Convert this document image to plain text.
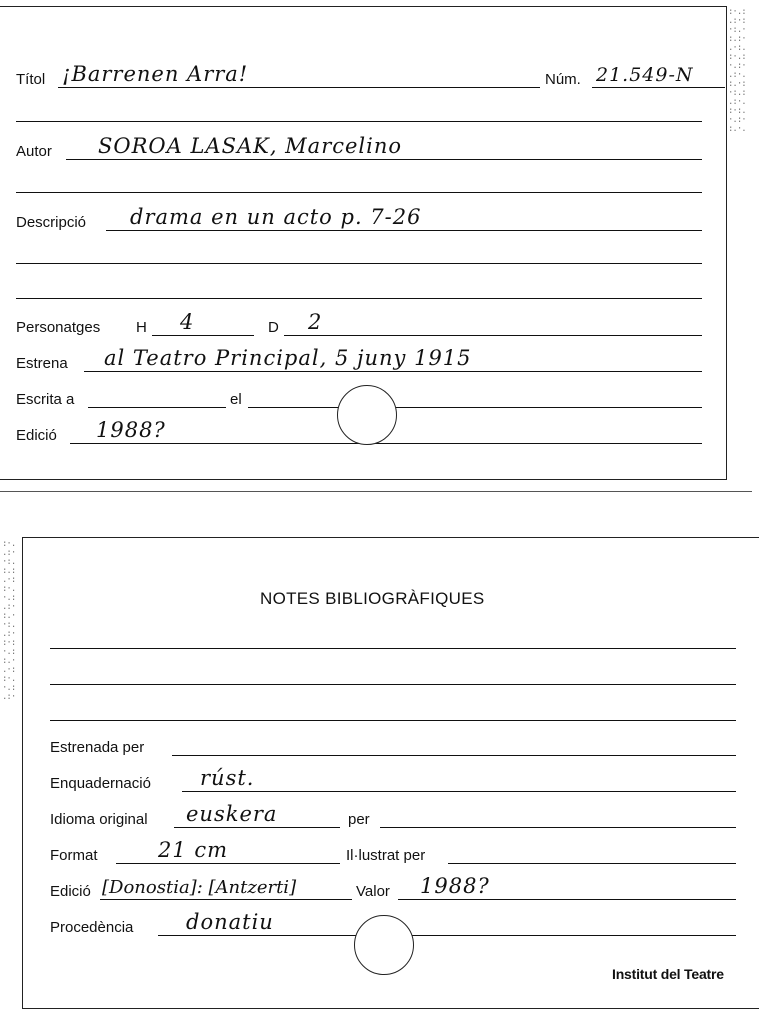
:·.:
.:·:
·:.·
:.:·
.·:.
:·.:
·.:·
.:·.
:.·:
·:.:
.:·.
:·:.
·.:·
:.·.
:·.
.:·
·:.
:.:
.·:
:·.
·.:
.:·
:.·
·:.
.:·
:·:
·.:
:.·
.·:
:·.
·.:
.:·
Títol ¡Barrenen Arra!	Núm. 21.549-N
Autor SOROA LASAK, Marcelino
Descripció drama en un acto p. 7-26
Personatges H 4	D 2
Estrena al Teatro Principal, 5 juny 1915
Escrita a	el
Edició 1988?
NOTES BIBLIOGRÀFIQUES
Estrenada per
Enquadernació rúst.
Idioma original euskera	per
Format	21 cm	Il·lustrat per
Edició [Donostia]: [Antzerti]	Valor 1988?
Procedència	donatiu
Institut del Teatre
